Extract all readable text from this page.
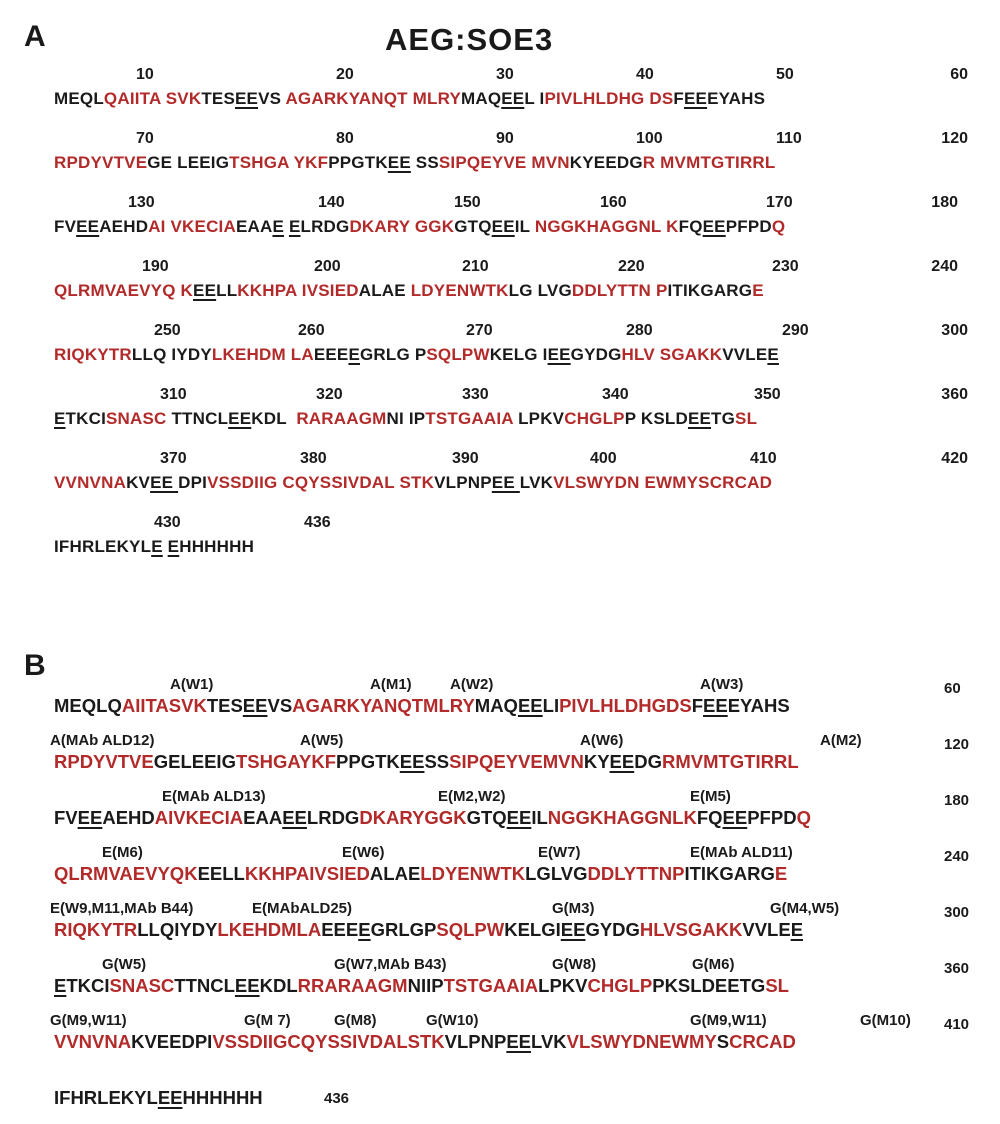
A	AEG:SOE3
10	20	30	40	50	60
MEQLQAIITA SVKTESEEVS AGARKYANQT MLRYMAQEEL IPIVLHLDHG DSFEEEYAHS
70	80	90	100	110	120
RPDYVTVEGE LEEIGTSHGA YKFPPGTKEE SSSIPQEYVE MVNKYEEDGR MVMTGTIRRL
130	140	150	160	170	180
FVEEAEHDAI VKECIAEAAE ELRDGDKARY GGKGTQEEIL NGGKHAGGNL KFQEEPFPDQ
190	200	210	220	230	240
QLRMVAEVYQ KEELLKKHPA IVSIEDALAE LDYENWTKLG LVGDDLYTTN PITIKGARGE
250	260	270	280	290	300
RIQKYTRLLQ IYDYLKEHDM LAEEEEGRLG PSQLPWKELG IEEGYDGHLV SGAKKVVLEE
310	320	330	340	350	360
ETKCISNASC TTNCLEEKDL  RARAAGMNI IPTSTGAAIA LPKVCHGLPP KSLDEETGSL
370	380	390	400	410	420
VVNVNAKVEE DPIVSSDIIG CQYSSIVDAL STKVLPNPEE LVKVLSWYDN EWMYSCRCAD
430	436
IFHRLEKYLE EHHHHHH
B
A(W1)	A(M1)	A(W2)	A(W3)
MEQLQAIITASVKTESEEVSAGARKYANQTMLRYMAQEELIPIVLHLDHGDSFEEEYAHS
60
A(MAb ALD12)	A(W5)	A(W6)	A(M2)
RPDYVTVEGELEEIGTSHGAYKFPPGTKEESSSIPQEYVEMVNKYEEDGRMVMTGTIRRL
120
E(MAb ALD13)	E(M2,W2)	E(M5)
FVEEAEHDAIVKECIAEAAEELRDGDKARYGGKGTQEEILNGGKHAGGNLKFQEEPFPDQ
180
E(M6)	E(W6)	E(W7)	E(MAb ALD11)
QLRMVAEVYQKEELLKKHPAIVSIEDALAELDYENWTKLGLVGDDLYTTNPITIKGARGE
240
E(W9,M11,MAb B44)	E(MAbALD25)	G(M3)	G(M4,W5)
RIQKYTRLLQIYDYLKEHDMLAEEEEGRLGPSQLPWKELGIEEGYDGHLVSGAKKVVLEE
300
G(W5)	G(W7,MAb B43)	G(W8)	G(M6)
ETKCISNASCTTNCLEEKDLRRARAAGMNIIPTSTGAAIALPKVCHGLPPKSLDEETGSL
360
G(M9,W11)	G(M 7)	G(M8)	G(W10)	G(M9,W11)	G(M10)
VVNVNAKVEEDPIVSSDIIGCQYSSIVDALSTKVLPNPEELVKVLSWYDNEWMYSCRCAD
410
IFHRLEKYLEEHHHHHH	436
